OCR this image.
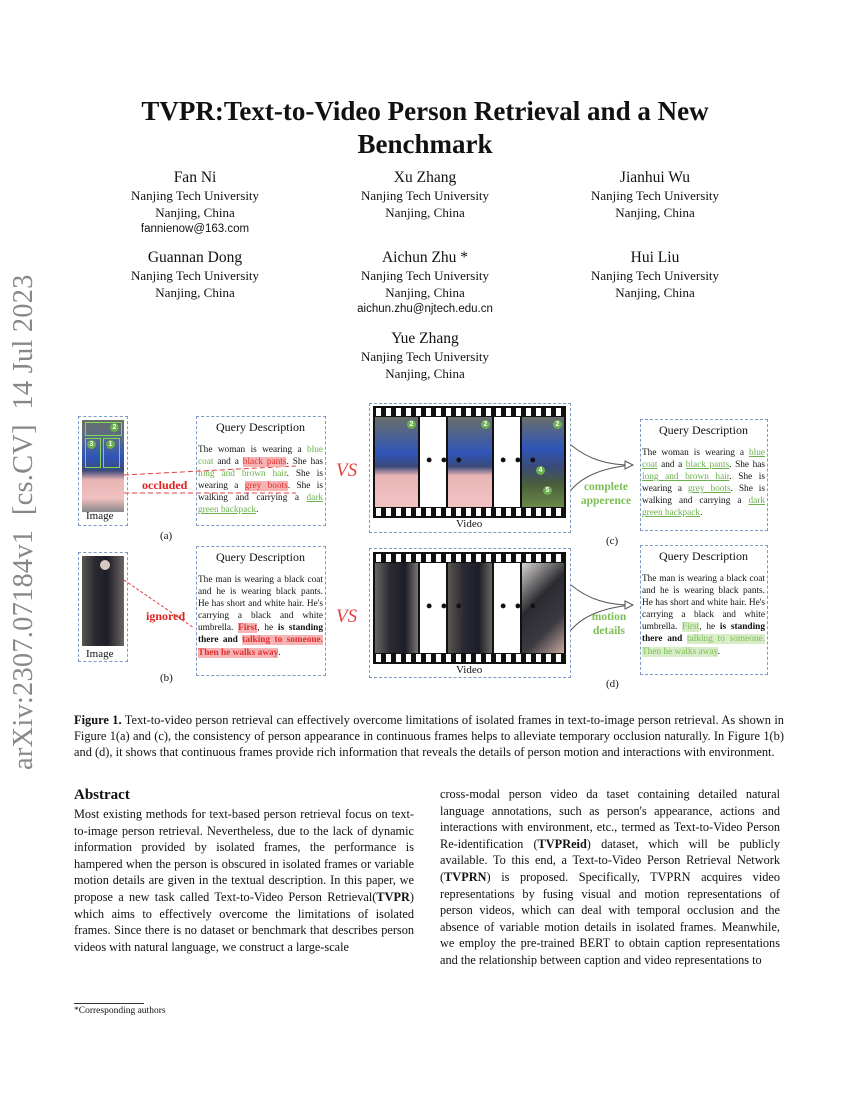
arXiv:2307.07184v1  [cs.CV]  14 Jul 2023
TVPR:Text-to-Video Person Retrieval and a New Benchmark
Fan Ni
Nanjing Tech University
Nanjing, China
fannienow@163.com
Xu Zhang
Nanjing Tech University
Nanjing, China
Jianhui Wu
Nanjing Tech University
Nanjing, China
Guannan Dong
Nanjing Tech University
Nanjing, China
Aichun Zhu *
Nanjing Tech University
Nanjing, China
aichun.zhu@njtech.edu.cn
Hui Liu
Nanjing Tech University
Nanjing, China
Yue Zhang
Nanjing Tech University
Nanjing, China
2
3	1
Image
(a)
occluded
Query Description
The woman is wearing a blue coat and a black pants. She has long and brown hair. She is wearing a grey boots. She is walking and carrying a dark green backpack.
VS
2	2	2
4
5
• • • • • •
Video
complete
apperence
Query Description
The woman is wearing a blue coat and a black pants. She has long and brown hair. She is wearing a grey boots. She is walking and carrying a dark green backpack.
(c)
Image
(b)
ignored
Query Description
The man is wearing a black coat and he is wearing black pants. He has short and white hair. He's carrying a black and white umbrella. First, he is standing there and talking to someone. Then he walks away.
VS	• • • • • •
Video
motion
details
Query Description
The man is wearing a black coat and he is wearing black pants. He has short and white hair. He's carrying a black and white umbrella. First, he is standing there and talking to someone. Then he walks away.
(d)
Figure 1. Text-to-video person retrieval can effectively overcome limitations of isolated frames in text-to-image person retrieval. As shown in Figure 1(a) and (c), the consistency of person appearance in continuous frames helps to alleviate temporary occlusion naturally. In Figure 1(b) and (d), it shows that continuous frames provide rich information that reveals the details of person motion and interactions with environment.
Abstract
Most existing methods for text-based person retrieval focus on text-to-image person retrieval. Nevertheless, due to the lack of dynamic information provided by isolated frames, the performance is hampered when the person is obscured in isolated frames or variable motion details are given in the textual description. In this paper, we propose a new task called Text-to-Video Person Retrieval(TVPR) which aims to effectively overcome the limitations of isolated frames. Since there is no dataset or benchmark that describes person videos with natural language, we construct a large-scale
cross-modal person video da taset containing detailed natural language annotations, such as person's appearance, actions and interactions with environment, etc., termed as Text-to-Video Person Re-identification (TVPReid) dataset, which will be publicly available. To this end, a Text-to-Video Person Retrieval Network (TVPRN) is proposed. Specifically, TVPRN acquires video representations by fusing visual and motion representations of person videos, which can deal with temporal occlusion and the absence of variable motion details in isolated frames. Meanwhile, we employ the pre-trained BERT to obtain caption representations and the relationship between caption and video representations to
*Corresponding authors
